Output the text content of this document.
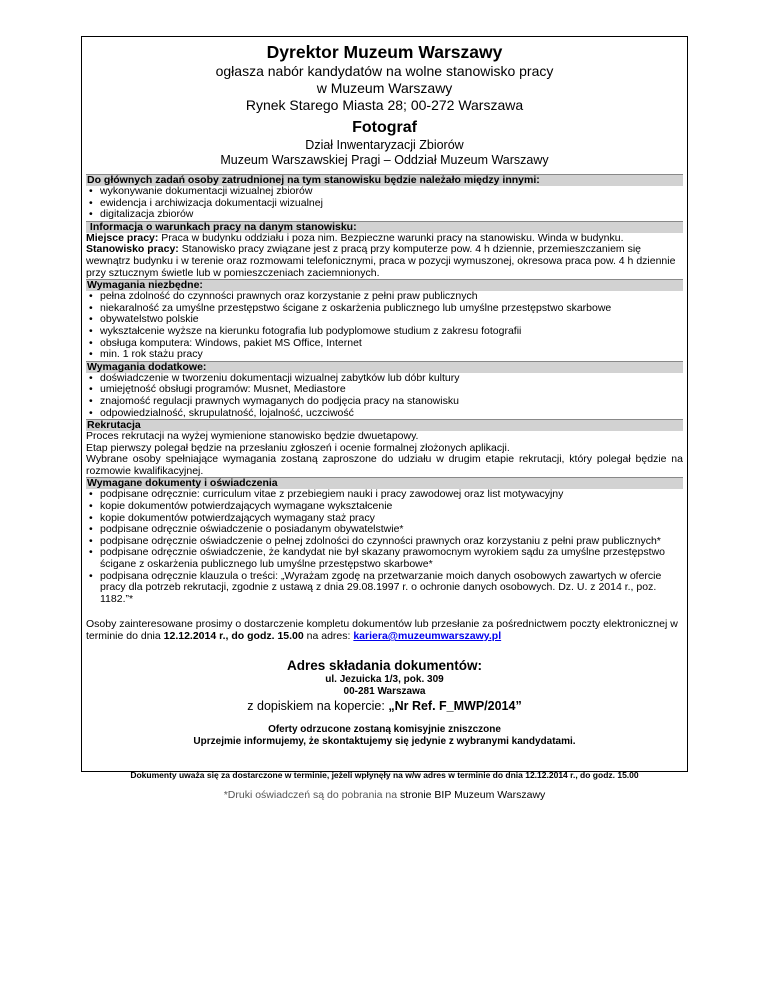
Dyrektor Muzeum Warszawy
ogłasza nabór kandydatów na wolne stanowisko pracy
w Muzeum Warszawy
Rynek Starego Miasta 28; 00-272 Warszawa
Fotograf
Dział Inwentaryzacji Zbiorów
Muzeum Warszawskiej Pragi – Oddział Muzeum Warszawy
Do głównych zadań osoby zatrudnionej na tym stanowisku będzie należało między innymi:
• wykonywanie dokumentacji wizualnej zbiorów
• ewidencja i archiwizacja dokumentacji wizualnej
• digitalizacja zbiorów
Informacja o warunkach pracy na danym stanowisku:
Miejsce pracy: Praca w budynku oddziału i poza nim. Bezpieczne warunki pracy na stanowisku. Winda w budynku.
Stanowisko pracy: Stanowisko pracy związane jest z pracą przy komputerze pow. 4 h dziennie, przemieszczaniem się wewnątrz budynku i w terenie oraz rozmowami telefonicznymi, praca w pozycji wymuszonej, okresowa praca pow. 4 h dziennie przy sztucznym świetle lub w pomieszczeniach zaciemnionych.
Wymagania niezbędne:
• pełna zdolność do czynności prawnych oraz korzystanie z pełni praw publicznych
• niekaralność za umyślne przestępstwo ścigane z oskarżenia publicznego lub umyślne przestępstwo skarbowe
• obywatelstwo polskie
• wykształcenie wyższe na kierunku fotografia lub podyplomowe studium z zakresu fotografii
• obsługa komputera: Windows, pakiet MS Office, Internet
• min. 1 rok stażu pracy
Wymagania dodatkowe:
• doświadczenie w tworzeniu dokumentacji wizualnej zabytków lub dóbr kultury
• umiejętność obsługi programów: Musnet, Mediastore
• znajomość regulacji prawnych wymaganych do podjęcia pracy na stanowisku
• odpowiedzialność, skrupulatność, lojalność, uczciwość
Rekrutacja
Proces rekrutacji na wyżej wymienione stanowisko będzie dwuetapowy.
Etap pierwszy polegał będzie na przesłaniu zgłoszeń i ocenie formalnej złożonych aplikacji.
Wybrane osoby spełniające wymagania zostaną zaproszone do udziału w drugim etapie rekrutacji, który polegał będzie na rozmowie kwalifikacyjnej.
Wymagane dokumenty i oświadczenia
• podpisane odręcznie: curriculum vitae z przebiegiem nauki i pracy zawodowej oraz list motywacyjny
• kopie dokumentów potwierdzających wymagane wykształcenie
• kopie dokumentów potwierdzających wymagany staż pracy
• podpisane odręcznie oświadczenie o posiadanym obywatelstwie*
• podpisane odręcznie oświadczenie o pełnej zdolności do czynności prawnych oraz korzystaniu z pełni praw publicznych*
• podpisane odręcznie oświadczenie, że kandydat nie był skazany prawomocnym wyrokiem sądu za umyślne przestępstwo ścigane z oskarżenia publicznego lub umyślne przestępstwo skarbowe*
• podpisana odręcznie klauzula o treści: „Wyrażam zgodę na przetwarzanie moich danych osobowych zawartych w ofercie pracy dla potrzeb rekrutacji, zgodnie z ustawą z dnia 29.08.1997 r. o ochronie danych osobowych. Dz. U. z 2014 r., poz. 1182.”*
Osoby zainteresowane prosimy o dostarczenie kompletu dokumentów lub przesłanie za pośrednictwem poczty elektronicznej w terminie do dnia 12.12.2014 r., do godz. 15.00 na adres: kariera@muzeumwarszawy.pl
Adres składania dokumentów:
ul. Jezuicka 1/3, pok. 309
00-281 Warszawa
z dopiskiem na kopercie: „Nr Ref. F_MWP/2014”
Oferty odrzucone zostaną komisyjnie zniszczone
Uprzejmie informujemy, że skontaktujemy się jedynie z wybranymi kandydatami.
Dokumenty uważa się za dostarczone w terminie, jeżeli wpłynęły na w/w adres w terminie do dnia 12.12.2014 r., do godz. 15.00
*Druki oświadczeń są do pobrania na stronie BIP Muzeum Warszawy
